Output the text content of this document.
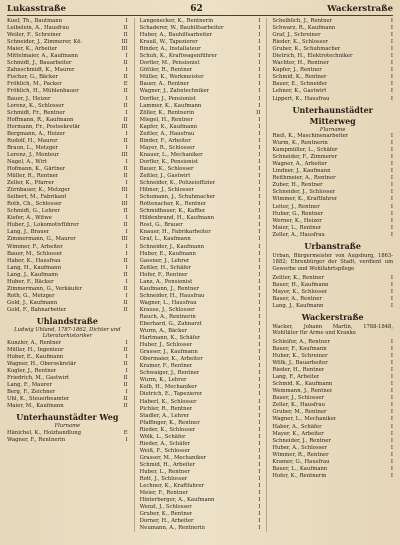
Lukasstraße	62	Wackerstraße
Kuef, Th., Bautmann	I
Leibelein, A., Hausfrau	II
Weiler, F., Schreiner	II
Schneider, J., Zimmerer, Kö.	III
Maier, K., Arbeiter	III
Mittelmaier, A., Kaufmann	I
Schmidt, J., Bauarbeiter	II
Zahnschmidt, K., Maurer	I
Fischer, G., Bäcker	II
Fröhlich, M., Packer	E
Fröhlich, H., Mühlenbauer	II
Bauer, J., Heizer	I
Lorenz, K., Schlosser	II
Schmidt, Fr., Rentner	I
Hoffmann, R., Kaufmann	II
Hermann, Fr., Postsekretär	III
Bergmann, A., Heizer	I
Rudolf, H., Maurer	II
Braun, L., Metzger	I
Lorenz, J., Monteur	III
Nagel, A., Wirt	I
Hofmann, K., Gärtner	II
Müller, R., Rentner	II
Zeller, K., Pfarrer	I
Zürnbauer, K., Metzger	III
Seibert, M., Fabrikant	I
Roth, Ch., Schlosser	III
Schmidt, G., Lehrer	II
Kiefer, A., Witwe	I
Huber, J., Lokomotivführer	II
Lang, J., Brauer	I
Zimmermann, G., Maurer	III
Wimmer, F., Arbeiter	I
Bauer, M., Schlosser	I
Haber, K., Hausfrau	II
Lang, H., Kaufmann	I
Lang, J., Kaufmann	II
Huber, F., Bäcker	I
Zimmermann, G., Verkäufer	II
Roth, G., Metzger	I
Gold, J., Kaufmann	II
Gold, F., Bahnarbeiter	II
Uhlandstraße
Ludwig Uhland, 1787-1862, Dichter und Literaturhistoriker
Kunzler, A., Rentner	I
Müller, H., Ingenieur	II
Huber, E., Kaufmann	I
Wagner, H., Obersekretär	II
Kugler, J., Rentner	I
Friedrich, M., Gastwirt	II
Lang, F., Maurer	II
Berg, F., Zeichner	I
Uhl, K., Steuerbeamter	II
Maier, M., Kaufmann	II
Unterhaunstädter Weg
Flurname
Hänichel, K., Holzhandlung	E
Wagner, F., Rentnerin	I
Langenecker, K., Rentnerin	I
Schaderer, W., Bauhilfsarbeiter	I
Huber, A., Bauhilfsarbeiter	I
Krauß, W., Tapezierer	I
Binder, A., Installateur	I
Schuh, K., Kraftwagenführer	I
Dorfler, M., Pensionist	I
Göttler, R., Rentner	I
Müller, K., Werkmeister	I
Bauer, A., Rentner	I
Wagner, J., Zahntechniker	I
Dorfler, J., Pensionist	I
Lammer, K., Kaufmann	I
Zöller, K., Rentnerin	II
Miegel, H., Rentner	I
Kapfer, K., Kaufmann	I
Zeitler, A., Hausfrau	I
Binder, F., Arbeiter	I
Mayer, R., Schlosser	I
Knauer, L., Mechaniker	I
Dorfler, K., Pensionist	I
Bauer, K., Schlosser	I
Zeitler, J., Gastwirt	I
Schneider, K., Polizeioffizier	I
Hilmer, J., Schlosser	I
Schumann, J., Schuhmacher	I
Rottenacher, K., Rentner	I
Schmidbauer, K., Kaffier	I
Hildenbrand, H., Kaufmann	I
Rost, G., Brauer	I
Knauer, H., Fabrikarbeiter	I
Graf, L., Kaufmann	I
Schneider, J., Kaufmann	I
Huber, E., Kaufmann	I
Gassner, J., Lehrer	I
Zeitler, H., Schäfer	I
Hofer, F., Rentner	I
Lanz, A., Pensionist	I
Kaufmann, J., Rentner	I
Schneider, H., Hausfrau	I
Wagner, L., Hausfrau	I
Krause, J., Schlosser	I
Rauch, A., Rentnerin	I
Eberhard, G., Zahnarzt	I
Wurm, A., Bäcker	I
Hartmann, K., Schäfer	I
Huber, J., Schlosser	I
Grasser, J., Kaufmann	I
Obermaier, K., Arbeiter	I
Kramer, F., Rentner	I
Schwaiger, J., Rentner	I
Wurm, K., Lehrer	I
Kolb, H., Mechaniker	I
Dietrich, E., Tapezierer	I
Haberl, K., Schlosser	I
Pichler, R., Rentner	I
Stadler, A., Lehrer	I
Pfaffinger, K., Rentner	I
Rieder, K., Schlosser	I
Wölk, L., Schäfer	I
Rieder, A., Schäfer	I
Weiß, F., Schlosser	I
Grasser, M., Mechaniker	I
Schmid, H., Arbeiter	I
Huber, L., Rentner	I
Rott, J., Schlosser	I
Lechner, K., Kraftfahrer	I
Meier, F., Rentner	I
Hinterberger, A., Kaufmann	I
Wenzl, J., Schlosser	I
Gruber, K., Rentner	I
Dorner, H., Arbeiter	I
Neumann, A., Rentnerin	I
Scheiblich, J., Rentner	I
Schwarz, R., Kaufmann	I
Graf, J., Schreiner	I
Rieder, K., Schlosser	I
Gruber, K., Schuhmacher	I
Dietrich, H., Elektrotechniker	I
Wachter, H., Rentner	I
Kapfer, J., Rentner	I
Schmid, K., Rentner	I
Bauer, E., Schneider	I
Lehner, K., Gastwirt	I
Lippert, K., Hausfrau	I
Unterhaunstädter Mitterweg
Flurname
Rieß, K., Maschinenarbeiter	I
Wurm, K., Rentnerin	I
Kampmüller, L., Schäfer	I
Schneider, F., Zimmerer	I
Wagner, A., Arbeiter	I
Lindner, J., Kaufmann	I
Reithmeier, A., Rentner	I
Zuber, H., Rentner	I
Schneider, J., Schlosser	I
Wimmer, K., Kraftfahrer	I
Leiter, J., Rentner	I
Huber, G., Rentner	I
Werner, K., Heizer	I
Maier, L., Rentner	I
Zeller, A., Hausfrau	I
Urbanstraße
Urban, Bürgermeister von Augsburg, 1863-1882; Ehrenbürger der Stadt, verdient um Gewerbe und Wohlfahrtspflege
Zeitler, K., Rentner	I
Bauer, H., Kaufmann	I
Mayer, K., Schlosser	I
Bauer, A., Rentner	I
Lang, J., Kaufmann	I
Wackerstraße
Wacker, Johann Martin, 1788-1848, Wohltäter für Arme und Kranke
Schleifer, A., Rentner	I
Bauer, F., Kaufmann	I
Huber, K., Schreiner	I
Wölk, J., Bauarbeiter	I
Rieder, H., Rentner	I
Lang, F., Arbeiter	I
Schmid, K., Kaufmann	I
Weinmann, J., Rentner	I
Bauer, J., Schlosser	I
Zeller, K., Hausfrau	I
Gruber, M., Rentner	I
Wagner, L., Mechaniker	I
Haber, A., Schäfer	I
Mayer, K., Arbeiter	I
Schneider, J., Rentner	I
Huber, A., Schlosser	I
Wimmer, R., Rentner	I
Kramer, G., Hausfrau	I
Bauer, L., Kaufmann	I
Hofer, K., Rentnerin	I
